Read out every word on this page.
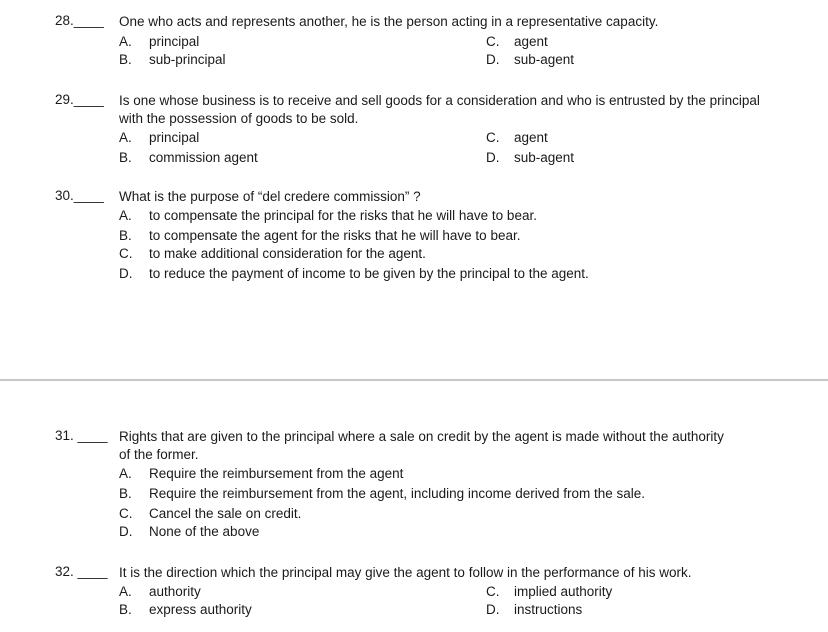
28.____ One who acts and represents another, he is the person acting in a representative capacity.
A. principal
B. sub-principal
C. agent
D. sub-agent
29.____ Is one whose business is to receive and sell goods for a consideration and who is entrusted by the principal with the possession of goods to be sold.
A. principal
B. commission agent
C. agent
D. sub-agent
30.____ What is the purpose of “del credere commission” ?
A. to compensate the principal for the risks that he will have to bear.
B. to compensate the agent for the risks that he will have to bear.
C. to make additional consideration for the agent.
D. to reduce the payment of income to be given by the principal to the agent.
31. ____ Rights that are given to the principal where a sale on credit by the agent is made without the authority of the former.
A. Require the reimbursement from the agent
B. Require the reimbursement from the agent, including income derived from the sale.
C. Cancel the sale on credit.
D. None of the above
32. ____ It is the direction which the principal may give the agent to follow in the performance of his work.
A. authority
B. express authority
C. implied authority
D. instructions
